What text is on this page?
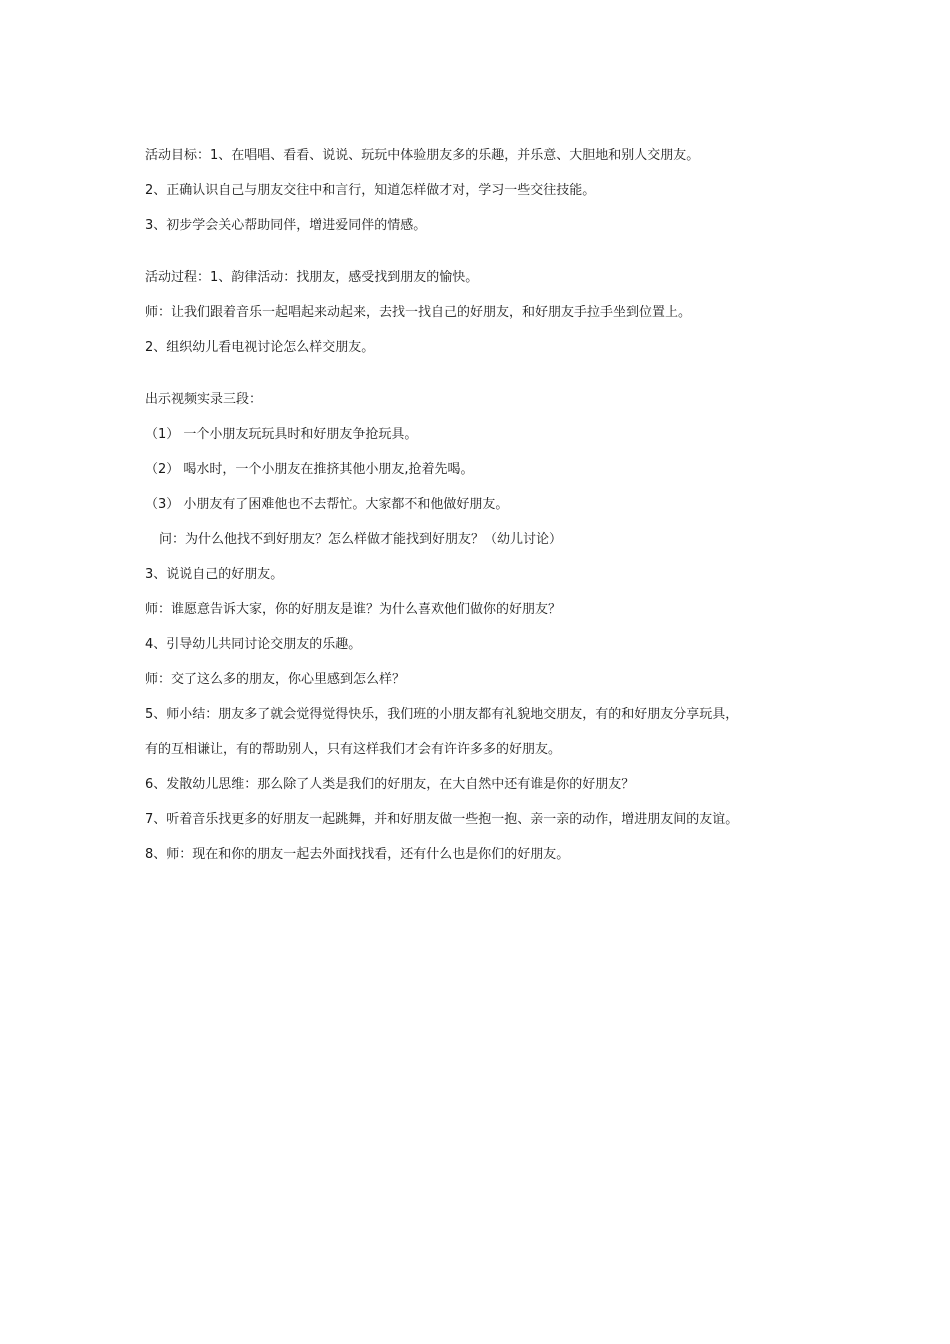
活动目标：1、在唱唱、看看、说说、玩玩中体验朋友多的乐趣，并乐意、大胆地和别人交朋友。
2、正确认识自己与朋友交往中和言行，知道怎样做才对，学习一些交往技能。
3、初步学会关心帮助同伴，增进爱同伴的情感。
活动过程：1、韵律活动：找朋友，感受找到朋友的愉快。
师：让我们跟着音乐一起唱起来动起来，去找一找自己的好朋友，和好朋友手拉手坐到位置上。
2、组织幼儿看电视讨论怎么样交朋友。
出示视频实录三段：
（1） 一个小朋友玩玩具时和好朋友争抢玩具。
（2） 喝水时，一个小朋友在推挤其他小朋友,抢着先喝。
（3） 小朋友有了困难他也不去帮忙。大家都不和他做好朋友。
问：为什么他找不到好朋友？怎么样做才能找到好朋友？（幼儿讨论）
3、说说自己的好朋友。
师：谁愿意告诉大家，你的好朋友是谁？为什么喜欢他们做你的好朋友？
4、引导幼儿共同讨论交朋友的乐趣。
师：交了这么多的朋友，你心里感到怎么样？
5、师小结：朋友多了就会觉得觉得快乐，我们班的小朋友都有礼貌地交朋友，有的和好朋友分享玩具，
有的互相谦让，有的帮助别人，只有这样我们才会有许许多多的好朋友。
6、发散幼儿思维：那么除了人类是我们的好朋友，在大自然中还有谁是你的好朋友？
7、听着音乐找更多的好朋友一起跳舞，并和好朋友做一些抱一抱、亲一亲的动作，增进朋友间的友谊。
8、师：现在和你的朋友一起去外面找找看，还有什么也是你们的好朋友。
